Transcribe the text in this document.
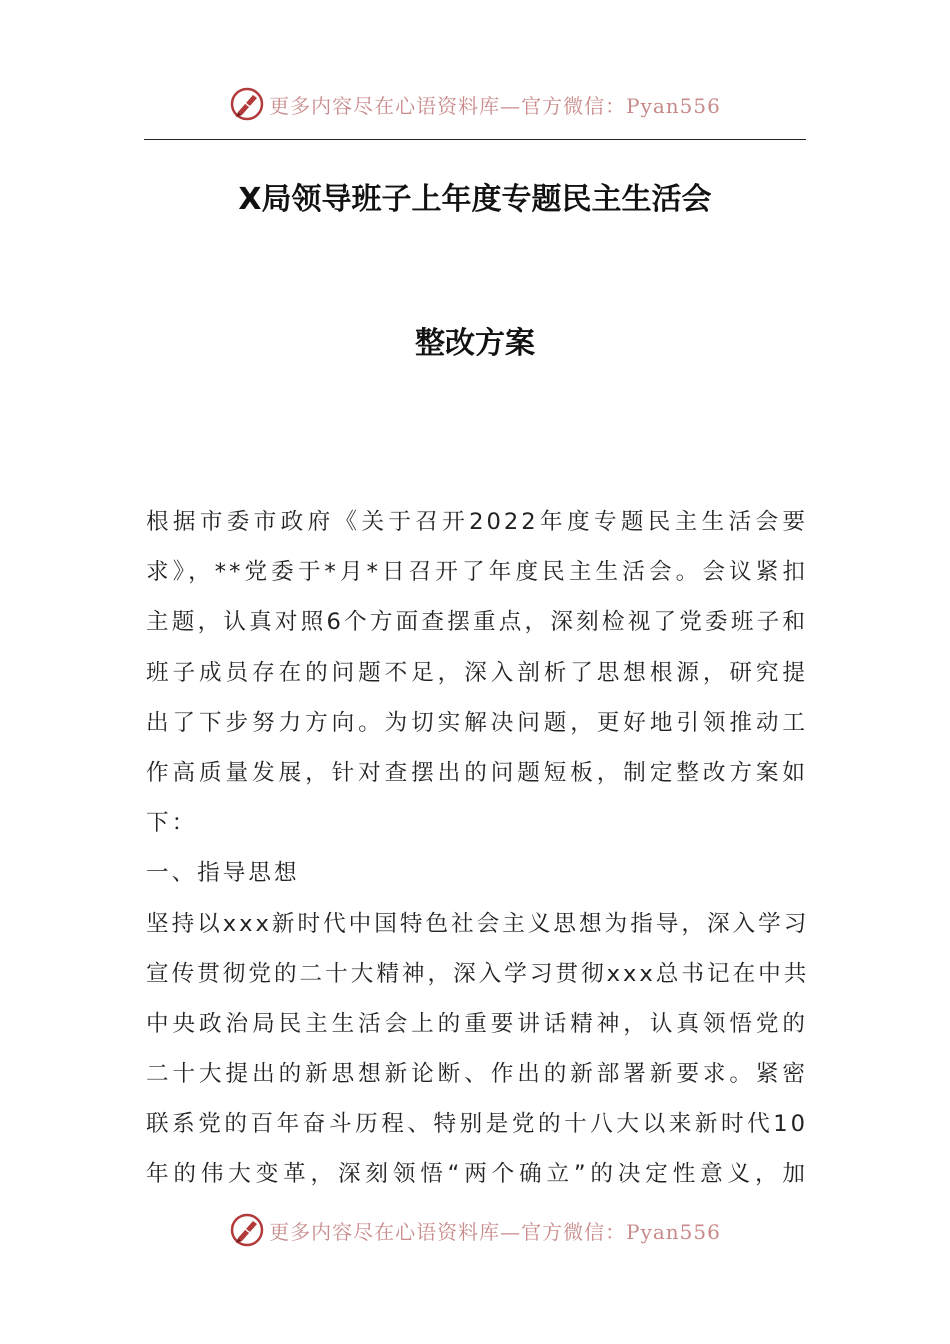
更多内容尽在心语资料库—官方微信：Pyan556
X局领导班子上年度专题民主生活会
整改方案
根据市委市政府《关于召开2022年度专题民主生活会要
求》，**党委于*月*日召开了年度民主生活会。会议紧扣
主题，认真对照6个方面查摆重点，深刻检视了党委班子和
班子成员存在的问题不足，深入剖析了思想根源，研究提
出了下步努力方向。为切实解决问题，更好地引领推动工
作高质量发展，针对查摆出的问题短板，制定整改方案如
下：
一、指导思想
坚持以xxx新时代中国特色社会主义思想为指导，深入学习
宣传贯彻党的二十大精神，深入学习贯彻xxx总书记在中共
中央政治局民主生活会上的重要讲话精神，认真领悟党的
二十大提出的新思想新论断、作出的新部署新要求。紧密
联系党的百年奋斗历程、特别是党的十八大以来新时代10
年的伟大变革，深刻领悟“两个确立”的决定性意义，加
更多内容尽在心语资料库—官方微信：Pyan556
